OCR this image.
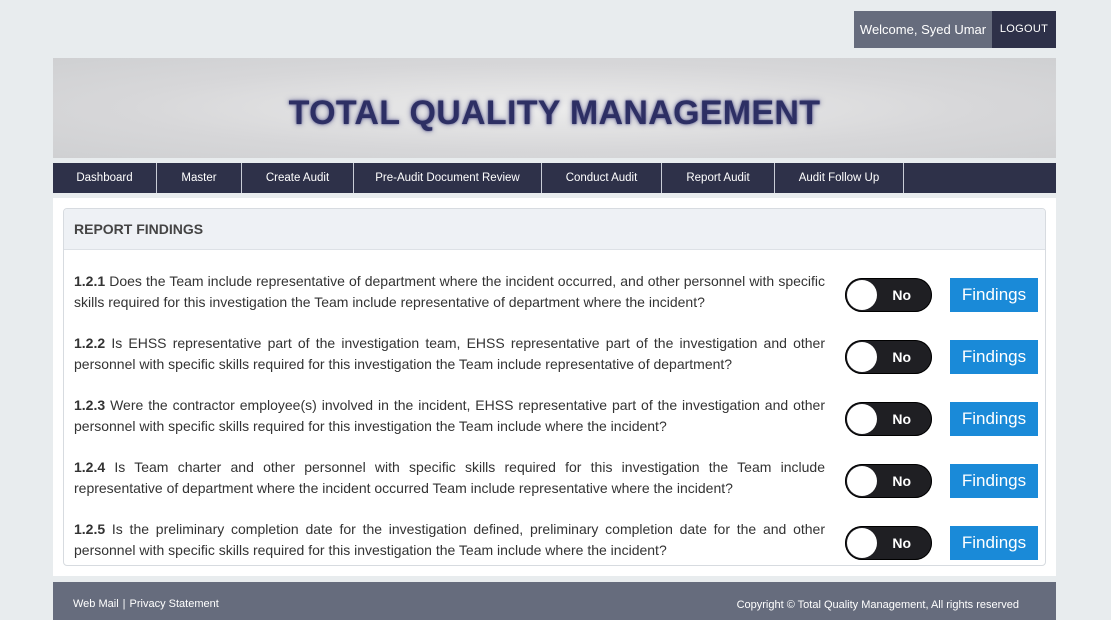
Welcome, Syed Umar	LOGOUT
TOTAL QUALITY MANAGEMENT
Dashboard	Master	Create Audit	Pre-Audit Document Review	Conduct Audit	Report Audit	Audit Follow Up
REPORT FINDINGS
1.2.1 Does the Team include representative of department where the incident occurred, and other personnel with specific skills required for this investigation the Team include representative of department where the incident?	No	Findings
1.2.2 Is EHSS representative part of the investigation team, EHSS representative part of the investigation and other personnel with specific skills required for this investigation the Team include representative of department?	No	Findings
1.2.3 Were the contractor employee(s) involved in the incident, EHSS representative part of the investigation and other personnel with specific skills required for this investigation the Team include where the incident?	No	Findings
1.2.4 Is Team charter and other personnel with specific skills required for this investigation the Team include representative of department where the incident occurred Team include representative where the incident?	No	Findings
1.2.5 Is the preliminary completion date for the investigation defined, preliminary completion date for the and other personnel with specific skills required for this investigation the Team include where the incident?	No	Findings
Web Mail | Privacy Statement	Copyright © Total Quality Management, All rights reserved
